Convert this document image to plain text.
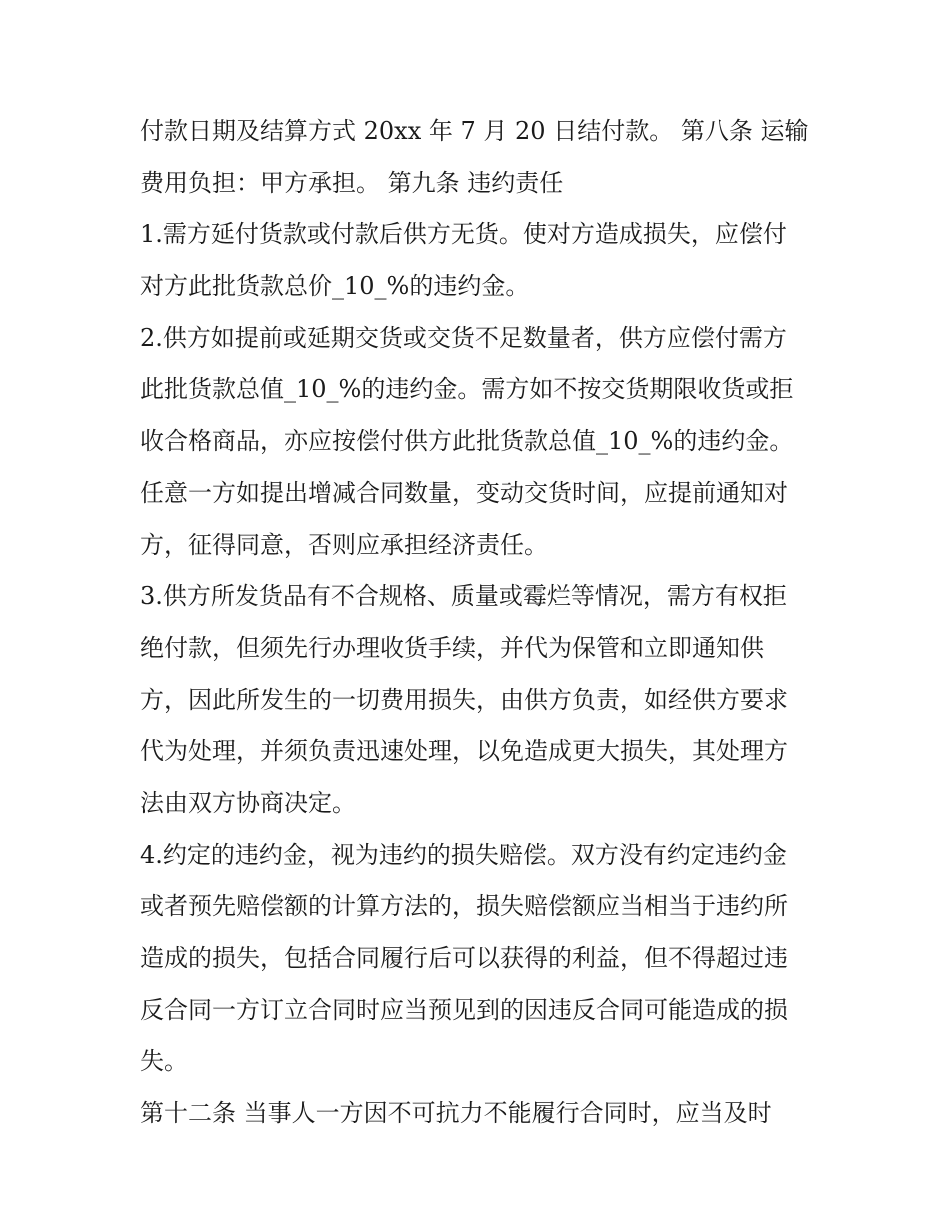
付款日期及结算方式 20xx 年 7 月 20 日结付款。 第八条 运输
费用负担：甲方承担。 第九条 违约责任
1.需方延付货款或付款后供方无货。使对方造成损失，应偿付
对方此批货款总价_10_%的违约金。
2.供方如提前或延期交货或交货不足数量者，供方应偿付需方
此批货款总值_10_%的违约金。需方如不按交货期限收货或拒
收合格商品，亦应按偿付供方此批货款总值_10_%的违约金。
任意一方如提出增减合同数量，变动交货时间，应提前通知对
方，征得同意，否则应承担经济责任。
3.供方所发货品有不合规格、质量或霉烂等情况，需方有权拒
绝付款，但须先行办理收货手续，并代为保管和立即通知供
方，因此所发生的一切费用损失，由供方负责，如经供方要求
代为处理，并须负责迅速处理，以免造成更大损失，其处理方
法由双方协商决定。
4.约定的违约金，视为违约的损失赔偿。双方没有约定违约金
或者预先赔偿额的计算方法的，损失赔偿额应当相当于违约所
造成的损失，包括合同履行后可以获得的利益，但不得超过违
反合同一方订立合同时应当预见到的因违反合同可能造成的损
失。
第十二条 当事人一方因不可抗力不能履行合同时，应当及时
